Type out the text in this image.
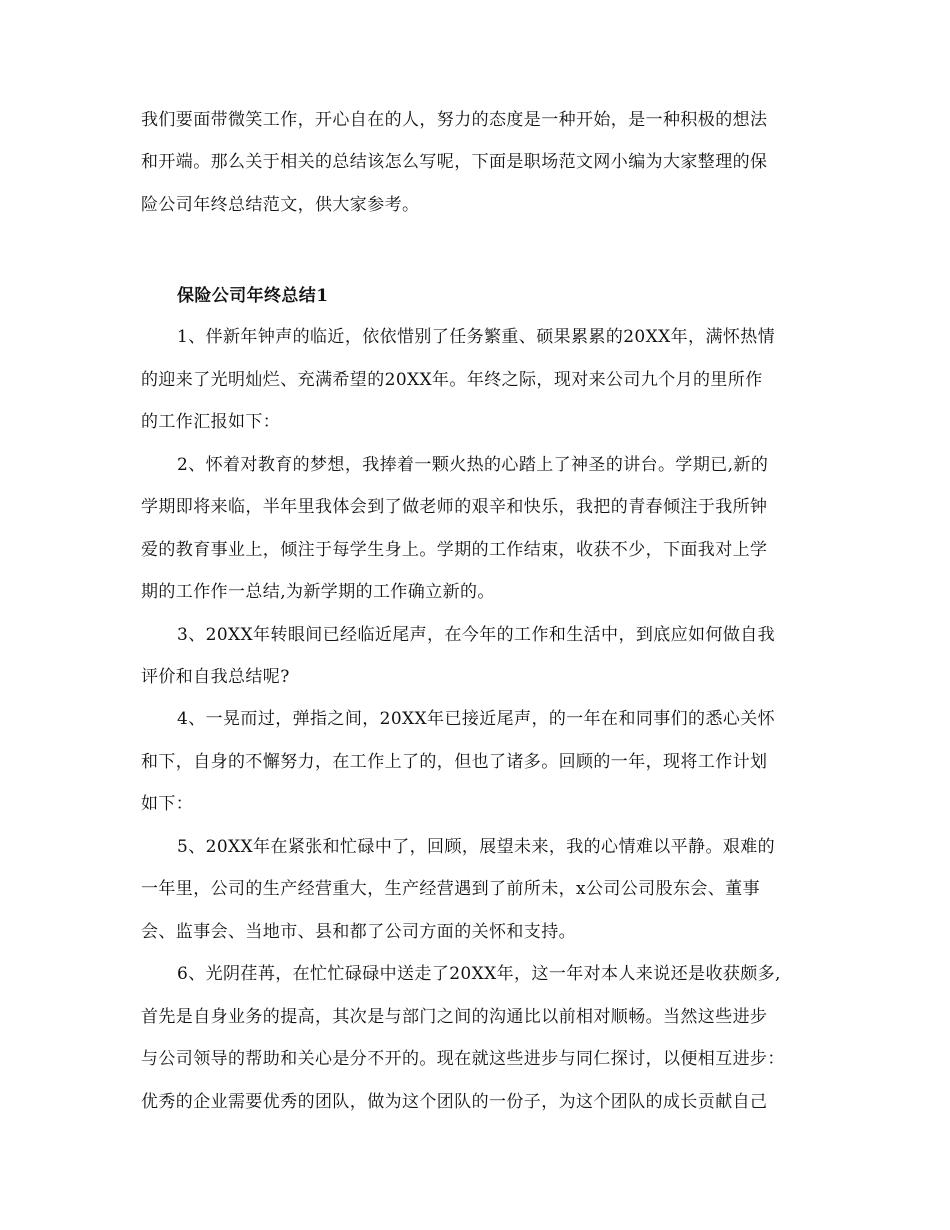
我们要面带微笑工作，开心自在的人，努力的态度是一种开始，是一种积极的想法
和开端。那么关于相关的总结该怎么写呢，下面是职场范文网小编为大家整理的保
险公司年终总结范文，供大家参考。
保险公司年终总结1
1、伴新年钟声的临近，依依惜别了任务繁重、硕果累累的20XX年，满怀热情
的迎来了光明灿烂、充满希望的20XX年。年终之际，现对来公司九个月的里所作
的工作汇报如下：
2、怀着对教育的梦想，我捧着一颗火热的心踏上了神圣的讲台。学期已,新的
学期即将来临，半年里我体会到了做老师的艰辛和快乐，我把的青春倾注于我所钟
爱的教育事业上，倾注于每学生身上。学期的工作结束，收获不少，下面我对上学
期的工作作一总结,为新学期的工作确立新的。
3、20XX年转眼间已经临近尾声，在今年的工作和生活中，到底应如何做自我
评价和自我总结呢?
4、一晃而过，弹指之间，20XX年已接近尾声，的一年在和同事们的悉心关怀
和下，自身的不懈努力，在工作上了的，但也了诸多。回顾的一年，现将工作计划
如下：
5、20XX年在紧张和忙碌中了，回顾，展望未来，我的心情难以平静。艰难的
一年里，公司的生产经营重大，生产经营遇到了前所未，x公司公司股东会、董事
会、监事会、当地市、县和都了公司方面的关怀和支持。
6、光阴荏苒，在忙忙碌碌中送走了20XX年，这一年对本人来说还是收获颇多,
首先是自身业务的提高，其次是与部门之间的沟通比以前相对顺畅。当然这些进步
与公司领导的帮助和关心是分不开的。现在就这些进步与同仁探讨，以便相互进步：
优秀的企业需要优秀的团队，做为这个团队的一份子，为这个团队的成长贡献自己
